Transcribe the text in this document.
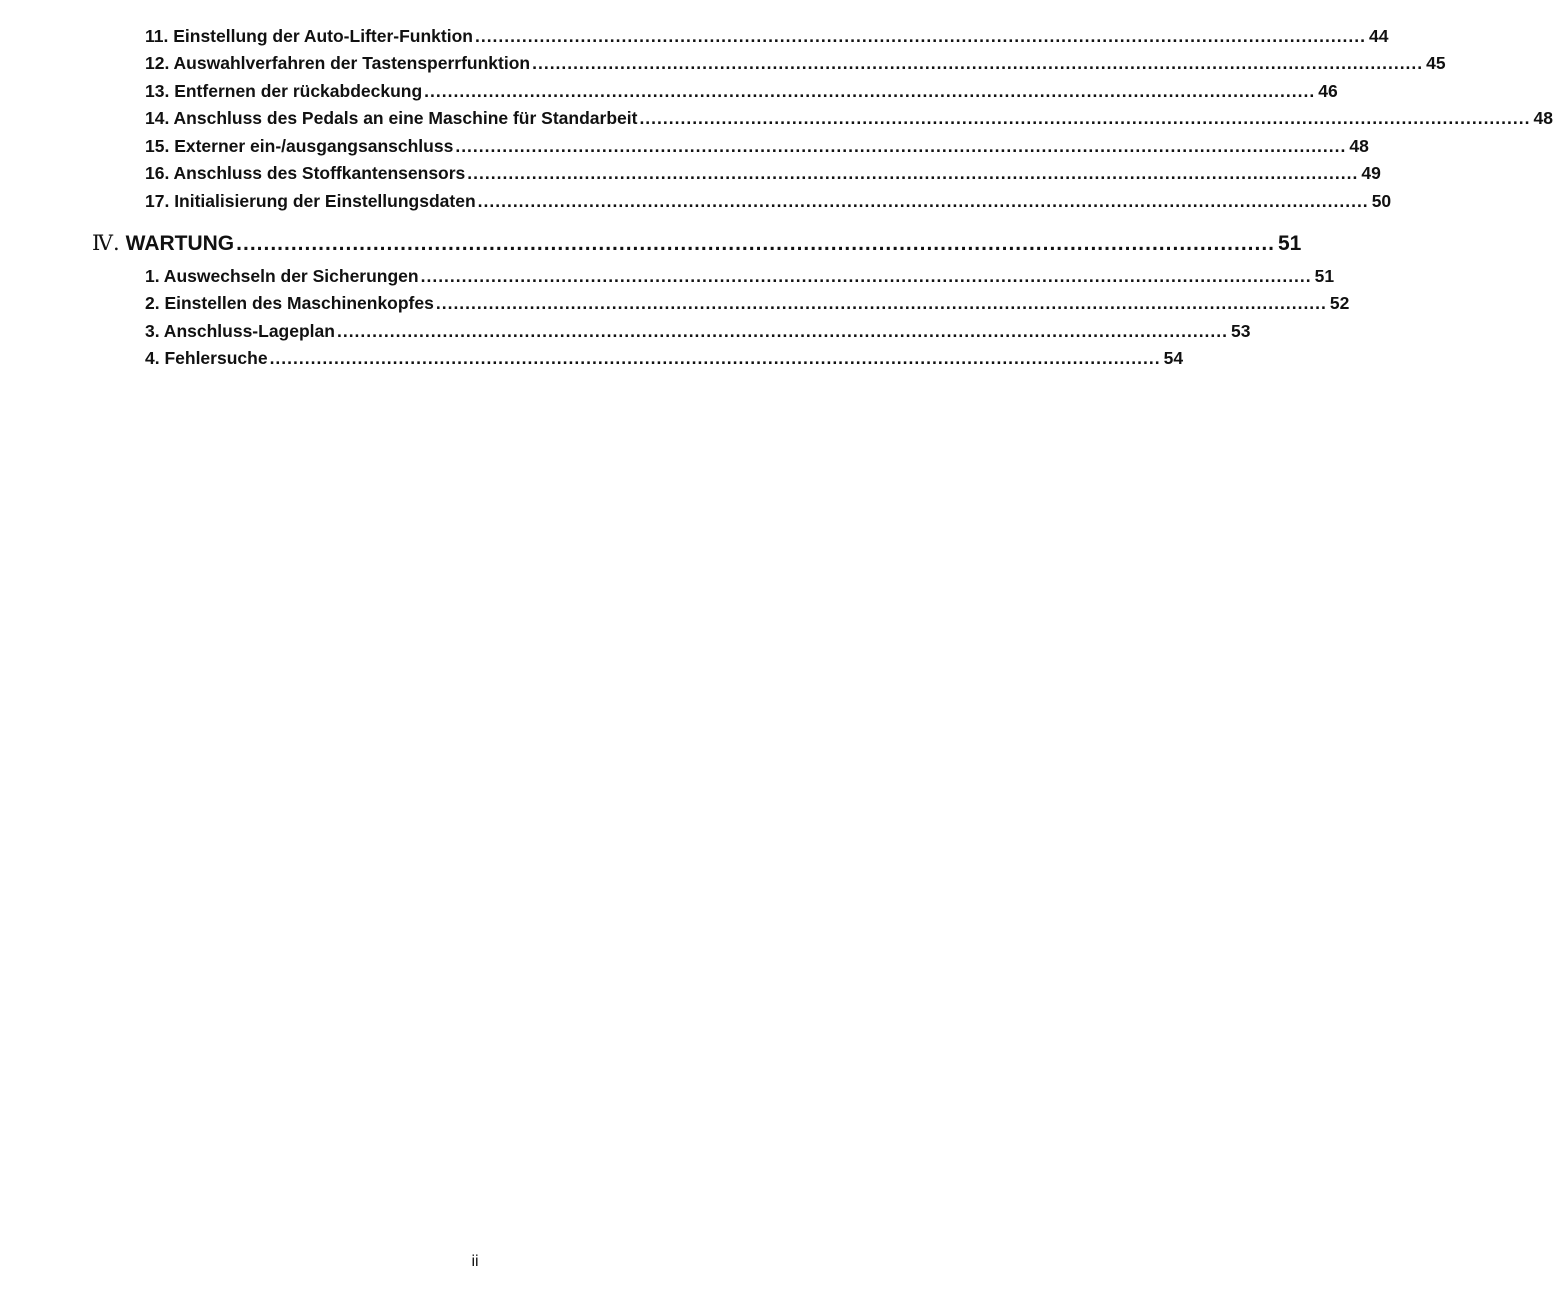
11. Einstellung der Auto-Lifter-Funktion ........................................................................................................................................................ 44
12. Auswahlverfahren der Tastensperrfunktion ........................................................................................................................................................ 45
13. Entfernen der rückabdeckung ........................................................................................................................................................ 46
14. Anschluss des Pedals an eine Maschine für Standarbeit ........................................................................................................................................................ 48
15. Externer ein-/ausgangsanschluss ........................................................................................................................................................ 48
16. Anschluss des Stoffkantensensors ........................................................................................................................................................ 49
17. Initialisierung der Einstellungsdaten ........................................................................................................................................................ 50
Ⅳ. WARTUNG ........................................................................................................................................................ 51
1. Auswechseln der Sicherungen ........................................................................................................................................................ 51
2. Einstellen des Maschinenkopfes ........................................................................................................................................................ 52
3. Anschluss-Lageplan ........................................................................................................................................................ 53
4. Fehlersuche ........................................................................................................................................................ 54
ii
